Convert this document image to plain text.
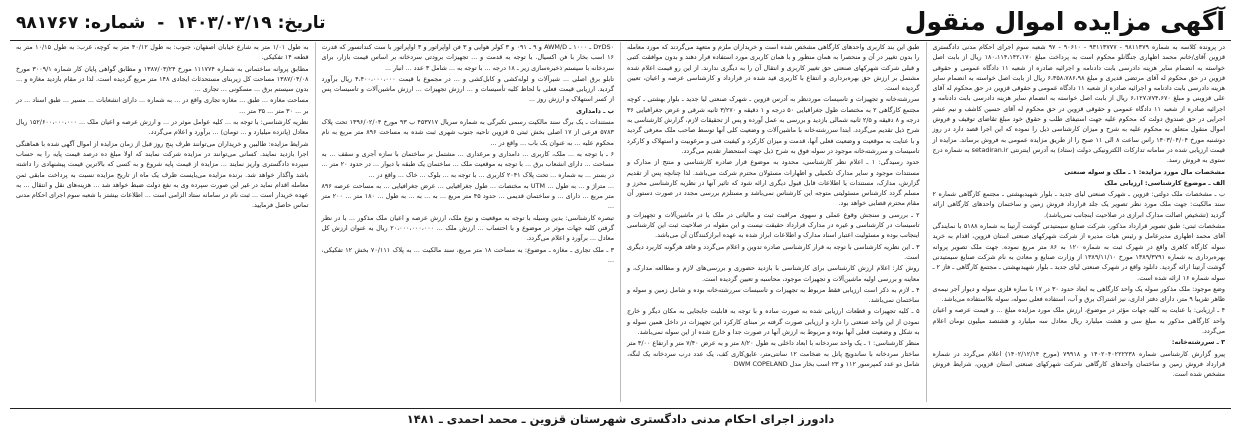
آگهی مزایده اموال منقول
تاریخ: ۱۴۰۳/۰۳/۱۹ - شماره: ۹۸۱۷۶۷

در پرونده کلاسه به شماره ۹۸۱۱۳۷۹ - ۹۳۱۱۳۷۷۷ - ۹۰۶۱۰ - ۹۷ شعبه سوم اجرای احکام مدنی دادگستری قزوین آقای/خانم محمد اظهاری جنگانلو محکوم است به پرداخت مبلغ ۱۸۰،۱۱۴،۱۴۲،۱۷۰ ریال از بابت اصل خواسته به انضمام سایر هزینه دادرسی بابت دادنامه و اجرائیه صادره از شعبه ۱۱ دادگاه عمومی و حقوقی قزوین در حق محکوم له آقای مرتضی قدیری و مبلغ ۶،۳۵۸،۷۸۶،۹۸ ریال از بابت اصل خواسته به انضمام سایر هزینه دادرسی بابت دادنامه و اجرائیه صادره از شعبه ۱۱ دادگاه عمومی و حقوقی قزوین در حق محکوم له آقای علی قزوینی و مبلغ ۶،۱۲۷،۷۷۴،۶۷۰ ریال از بابت اصل خواسته به انضمام سایر هزینه دادرسی بابت دادنامه و اجرائیه صادره از شعبه ۱۱ دادگاه عمومی و حقوقی قزوین در حق محکوم له آقای حسین کاشف و نیم عشر اجرایی در حق صندوق دولت که محکوم علیه جهت استیفای طلب و حقوق خود مبلغ تقاضای توقیف و فروش اموال منقول متعلق به محکوم علیه به شرح و میزان کارشناسی ذیل را نموده که این اجرا قصد دارد در روز دوشنبه مورخ ۱۴۰۳/۰۴/۰۴ راس ساعت ۸ الی ۱۱ صبح را از طریق مزایده عمومی به فروش برساند. مزایده از قیمت ارزیابی شده در سامانه تدارکات الکترونیکی دولت (ستاد) به آدرس اینترنتی setadiran.ir به شماره درج ستوی به فروش رسد.

مشخصات مال مورد مزایده: ۱ ـ ملک و سوله صنعتی

الف ـ موضوع کارشناسی: ارزیابی ملک

ب ـ مشخصات ملک دولتی: قزوین ـ شهرک صنعتی لیای جدید ـ بلوار شهیدبهشتی ـ مجتمع کارگاهی شماره ۲ سند مالکیت: جهت ملک مورد نظر تصویر یک جلد قرارداد فروش زمین و ساختمان واحدهای کارگاهی ارائه گردید (تشخیص اصالت مدارک ابرازی در صلاحیت اینجانب نمی‌باشد).

مشخصات ثبتی: طبق تصویر قرارداد مذکور، شرکت صنایع سیمتیدنی گوشت آرتینا به شماره ۵۱۸۸ با نمایندگی آقای محمد اظهاری مدیرعامل و رئیس هیات مدیره از شرکت شهرکهای صنعتی استان قزوین، اقدام به خرید سوله کارگاه کاهری واقع در شهرک ثبت به شماره ۱۲۰ به ۸۶ متر مربع نموده. جهت ملک تصویر پروانه بهره‌برداری به شماره ۱۳۸۹/۳۷۹۱ مورخ ۱۳۸۹/۱۱/۱۰ از وزارت صنایع و معادن به نام شرکت صنایع سیمتیدنی گوشت آرتینا ارائه گردید. دانلود واقع در شهرک صنعتی لیای جدید ـ بلوار شهیدبهشتی ـ مجتمع کارگاهی ـ فاز ۲ ـ سوله شماره ۱۶ ارائه شده است.

وضع موجود: ملک مذکور سوله یک واحد کارگاهی به ابعاد حدود ۳۰ در ۱۷ با سازه فلزی سوله و دیوار آجر نیمه‌ی ظاهر تقریبا ۹ متر، دارای دفتر اداری، نیز اشتراک برق و آب، استفاده فعلی سوله، سوله بلااستفاده می‌باشد.

۴ ـ ارزیابی: با عنایت به کلیه جهات مؤثر در موضوع، ارزش ملک مورد مزایده مبلغ ... و قیمت عرصه و اعیان واحد کارگاهی مذکور به مبلغ سی و هشت میلیارد ریال معادل سه میلیارد و هشتصد میلیون تومان اعلام می‌گردد.

۳ ـ سررشته‌خانه:

پیرو گزارش کارشناسی شماره ۱۴۰۲۰۴۰۲۲۲۲۳۸ و ۷۹۹۱۸ (مورخ ۱۴۰۲/۱۲/۱۴) اعلام می‌گردد در شماره قرارداد فروش زمین و ساختمان واحدهای کارگاهی شرکت شهرکهای صنعتی استان قزوین، شرایط فروش مشخص شده است.

طبق این بند کاربری واحدهای کارگاهی مشخص شده است و خریداران ملزم و متعهد می‌گردند که مورد معامله را بدون تغییر در آن و منحصرا به همان منظور و با همان کاربری مورد استفاده قرار دهند و بدون موافقت کتبی و قبلی شرکت شهرکهای صنعتی حق تغییر کاربری و انتقال آن را به دیگری ندارند. از این رو قیمت اعلام شده مشتمل بر ارزش حق بهره‌برداری و انتفاع با کاربری قید شده در قرارداد و کارشناسی عرصه و اعیان، تعیین گردیده است.

سررشته‌خانه و تجهیزات و تاسیسات موردنظر به آدرس قزوین ـ شهرک صنعتی لیا جدید ـ بلوار بهشتی ـ کوچه مجتمع کارگاهی ۲ به مختصات طول جغرافیایی ۵۰ درجه و ۱ دقیقه و ۳/۲۷۰ ثانیه شرقی و عرض جغرافیایی ۳۶ درجه و ۸ دقیقه و ۲/۵ ثانیه شمالی بازدید و بررسی به عمل آورده و پس از تحقیقات لازم، گزارش کارشناسی به شرح ذیل تقدیم می‌گردد. ابتدا سررشته‌خانه با ماشین‌آلات و وضعیت کلی آنها توسط صاحب ملک معرفی گردید و با عنایت به موقعیت و وضعیت فعلی آنها، قدمت و میزان کارکرد و کیفیت فنی و مرغوبیت و استهلاک و کارکرد تاسیسات و سررشته‌خانه موجود در سوله فوق به شرح ذیل جهت استحضار تقدیم می‌گردد.

حدود رسیدگی: ۱ ـ اعلام نظر کارشناسی، محدود به موضوع قرار صادره کارشناسی و منتج از مدارک و مستندات موجود و سایر مدارک تکمیلی و اظهارات مسئولان محترم شرکت می‌باشد. لذا چنانچه پس از تقدیم گزارش، مدارک، مستندات یا اطلاعات قابل قبول دیگری ارائه شود که تاثیر آنها در نظریه کارشناسی محرز و مسلم گردد کارشناس مسئولیتی متوجه این کارشناس نمی‌باشد و مستلزم بررسی مجدد در صورت دستور آن مقام محترم قضایی خواهد بود.

۲ ـ بررسی و سنجش وقوع عملی و سهوی مراقبت ثبت و مالیاتی در ملک یا در ماشین‌آلات و تجهیزات و تاسیسات در کارشناسی و غیره در مدارک قرارداد حقیقت نیست و این مقوله در صلاحیت ثبت این کارشناسی اینجانب بوده و مسئولیت اعتبار اسناد مدارک و اطلاعات ابراز شده به عهده ابرازکنندگان آن می‌باشد.

۳ ـ این نظریه کارشناسی با توجه به قرار کارشناسی صادره تدوین و اعلام می‌گردد و فاقد هرگونه کاربرد دیگری است.

روش کار: اعلام ارزش کارشناسی برای کارشناسی با بازدید حضوری و بررسی‌های لازم و مطالعه مدارک، و معاینه و بررسی اولیه ماشین‌آلات و تجهیزات موجود، محاسبه و تعیین گردیده است.

۴ ـ لازم به ذکر است ارزیابی فقط مربوط به تجهیزات و تاسیسات سررشته‌خانه بوده و شامل زمین و سوله و ساختمان نمی‌باشد.

۵ ـ کلیه تجهیزات و قطعات ارزیابی شده به صورت ساده و با توجه به قابلیت جابجایی به مکان دیگر و خارج نمودن از این واحد صنعتی را دارد و ارزیابی صورت گرفته بر مبنای کارکرد این تجهیزات در داخل همین سوله و به شکل و وضعیت فعلی آنها بوده و مربوط به ارزش آنها در صورت جدا و خارج شده از این سوله نمی‌باشد.

منظر کارشناسی: ۱ ـ یک واحد سردخانه با ابعاد داخلی به طول ۸/۲۰ متر و به عرض ۷/۴۰ متر و ارتفاع ۳/۰۰ متر ساختار سردخانه با ساندویچ پانل به ضخامت ۱۲ سانتی‌متر، عایق‌کاری کف، یک عدد درب سردخانه یک لنگه، شامل دو عدد کمپرسور ۱۱۲ و ۲۳ اسب بخار مدل DWM COPELAND

D۲DS۰ ـ ۱۰۰۰ ـ AWM/D و ۹ ـ ۰۹۱ و ۳ کولر هوایی و ۳ فن اواپراتور و ۳ اواپراتور با ست کندانسور که قدرت ۱۶ اسب بخار با فن اکسیال. با توجه به قدمت و ... تجهیزات برودتی سردخانه بر اساس قیمت بازار، برای سردخانه با سیستم ذخیره‌سازی زیر ـ ۱۸ درجه ... با توجه به ... شامل ۳ عدد ... انبار ...

تابلو برق اصلی ... شیرآلات و لوله‌کشی و کابل‌کشی و ... در مجموع با قیمت ۴،۴۰۰،۰۰۰،۰۰۰ ریال برآورد گردید. ارزیابی قیمت فعلی با لحاظ کلیه تأسیسات و ... ارزش تجهیزات ... ارزش ماشین‌آلات و تاسیسات پس از کسر استهلاک و ارزش روز ...

ب ـ دامداری

مستندات ـ یک برگ سند مالکیت رسمی تکبرگی به شماره سریال ۴۵۳۷۱۷ ب ۹۳ مورخ ۱۳۹۶/۰۲/۰۴ تحت پلاک ۵۷۸۳ فرعی از ۱۷ اصلی بخش ثبتی ۵ قزوین ناحیه جنوب شهری ثبت شده به مساحت ۸۹۶ متر مربع به نام محکوم علیه ... به عنوان یک باب ... واقع در ...

۶ ـ با توجه به ... ملک، کاربری ... دامداری و مرغداری ... مشتمل بر ساختمان با سازه آجری و سقف ... به مساحت ... دارای انشعاب برق ... با توجه به موقعیت ملک ... ساختمان یک طبقه با دیوار ... در حدود ۲۰ متر ... در بستر ... به شماره ... تحت پلاک ۲۰۴۱ کاربری ... با توجه به ... بلوک ... خاک ... واقع در ...

... متراژ و ... به طول ... UTM به مختصات ... طول جغرافیایی ... عرض جغرافیایی ... به مساحت عرصه ۸۹۶ متر مربع ... دارای ... و ساختمان قدیمی ... حدود ۴۵ متر مربع ... به ... به ... به طول ... ۱۸۰ متر ... ۲۰۰ متر ...

تبصره کارشناسی: بدین وسیله با توجه به موقعیت و نوع ملک، ارزش عرصه و اعیان ملک مذکور ... با در نظر گرفتن کلیه جهات موثر در موضوع و با احتساب ... ارزش ملک ... ۲۰،۰۰۰،۰۰۰،۰۰۰ ریال به عنوان ارزش کل معادل ... برآورد و اعلام می‌گردد.

۳ ـ ملک تجاری ـ مغازه ـ موضوع: به مساحت ۱۸ متر مربع، سند مالکیت ... به پلاک ۷۰/۱۱۱ بخش ۱۲ تفکیکی، ...

به طول ۱/۰۱ متر به شارع خیابان اصفهان، جنوب: به طول ۴۰/۱۲ متر به کوچه، غرب: به طول ۱۰/۱۵ متر به قطعه ۱۴ تفکیکی.

مطابق پروانه ساختمانی به شماره ۱۱۱۷۷۴ مورخ ۱۳۸۷/۰۳/۲۴ و مطابق گواهی پایان کار شماره ۳۰۰۹/۱ مورخ ۱۳۸۷/۰۴/۰۸ مساحت کل زیربنای مستحدثات ایجادی ۱۴۸ متر مربع گردیده است. لذا در مقام بازدید مغازه و ... بدون سیستم برق ... مسکونی ... تجاری ...

مساحت مغازه ... طبق ... مغازه تجاری واقع در ... به شماره ... دارای انشعابات ... مسیر ... طبق اسناد ... در بر ... ۳۰ متر ... ۳۵ متر ...

نظریه کارشناسی: با توجه به ... کلیه عوامل موثر در ... و ارزش عرصه و اعیان ملک ... ۱۵۲/۶۰۰،۰۰۰،۰۰۰ ریال معادل (پانزده میلیارد و ... تومان) ... برآورد و اعلام می‌گردد.

شرایط مزایده: طالبین و خریداران می‌توانند ظرف پنج روز قبل از زمان مزایده از اموال آگهی شده با هماهنگی اجرا بازدید نمایند. کسانی می‌توانند در مزایده شرکت نمایند که اولا مبلغ ده درصد قیمت پایه را به حساب سپرده دادگستری واریز نمایند ... مزایده از قیمت پایه شروع و به کسی که بالاترین قیمت پیشنهادی را داشته باشد واگذار خواهد شد. برنده مزایده می‌بایست ظرف یک ماه از تاریخ مزایده نسبت به پرداخت مابقی ثمن معامله اقدام نماید در غیر این صورت سپرده وی به نفع دولت ضبط خواهد شد ... هزینه‌های نقل و انتقال ... به عهده خریدار است ... ثبت نام در سامانه ستاد الزامی است ... اطلاعات بیشتر با شعبه سوم اجرای احکام مدنی تماس حاصل فرمایید.

دادورز اجرای احکام مدنی دادگستری شهرستان قزوین ـ محمد احمدی ـ ۱۴۸۱
